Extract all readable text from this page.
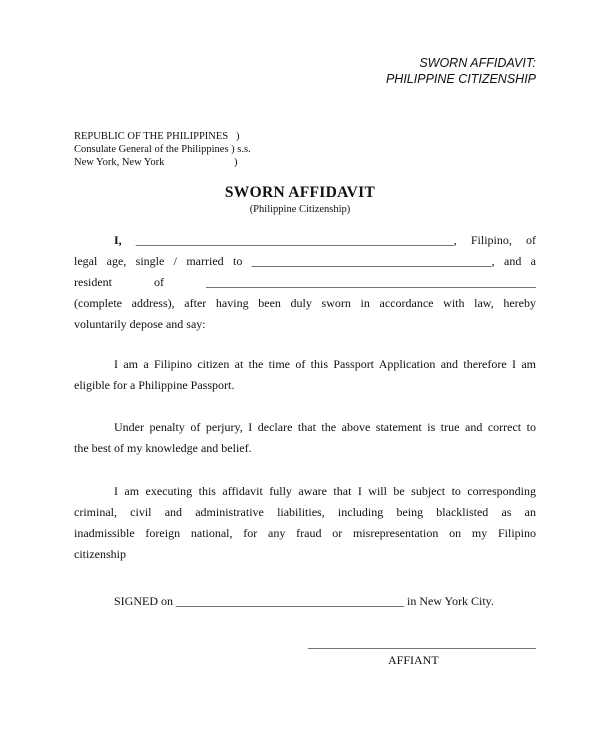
SWORN AFFIDAVIT:
PHILIPPINE CITIZENSHIP
REPUBLIC OF THE PHILIPPINES )
Consulate General of the Philippines ) s.s.
New York, New York	)
SWORN AFFIDAVIT
(Philippine Citizenship)
I, _____________________________________________________, Filipino, of
legal age, single / married to ________________________________________, and a
resident	of	_______________________________________________________
(complete address), after having been duly sworn in accordance with law, hereby
voluntarily depose and say:
I am a Filipino citizen at the time of this Passport Application and therefore I am
eligible for a Philippine Passport.
Under penalty of perjury, I declare that the above statement is true and correct to
the best of my knowledge and belief.
I am executing this affidavit fully aware that I will be subject to corresponding
criminal, civil and administrative liabilities, including being blacklisted as an
inadmissible foreign national, for any fraud or misrepresentation on my Filipino
citizenship
SIGNED on ______________________________________ in New York City.
______________________________________
AFFIANT
